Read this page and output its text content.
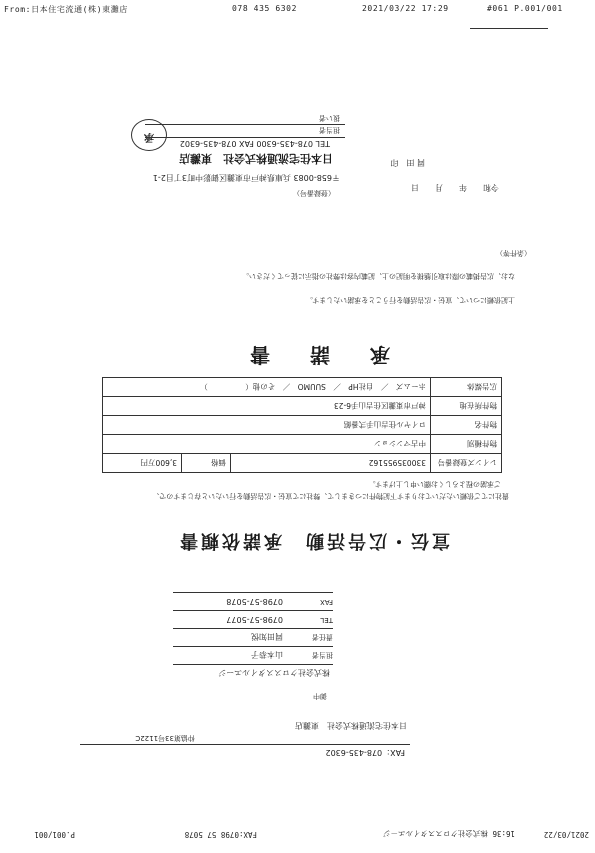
From:日本住宅流通(株)東灘店	078 435 6302	2021/03/22 17:29	#061 P.001/001
2021/03/22
16:36 株式会社クロススタイルエ－ジ
FAX:0798 57 5078
P.001/001
FAX：078-435-6302
仲協第33号1122C
日本住宅流通株式会社　東灘店
御中
株式会社クロススタイルエージ
担当者
山本恭子
責任者
岡田知悦
TEL
0798-57-5077
FAX
0798-57-5078
宣伝・広告活動　承諾依頼書
貴社にてご依頼いただいております下記物件につきまして、弊社にて宣伝・広告活動を行いたいと存じますので、
ご承諾の程よろしくお願い申し上げます。
レインズ登録番号	330035955162	価格	3,600万円
物件種別	中古マンション		
物件名	ロイヤル住吉山手弐番館		
物件所在地	神戸市東灘区住吉山手6-23		
広告媒体	ホームズ　／　自社HP　／　SUUMO　／　その他（　　　　　）		
承　諾　書
上記依頼について、宣伝・広告活動を行うことを承諾いたします。
なお、広告掲載の際は取引態様を明記の上、記載内容は弊社の指示に従ってください。
（条件等）
（登録番号）
〒658-0083 兵庫県神戸市東灘区御影中町3丁目2-1
日本住宅流通株式会社　東灘店
TEL 078-435-6300 FAX 078-435-6302
承
令和　　年　　月　　日
岡 田　印
担当者
扱い者
